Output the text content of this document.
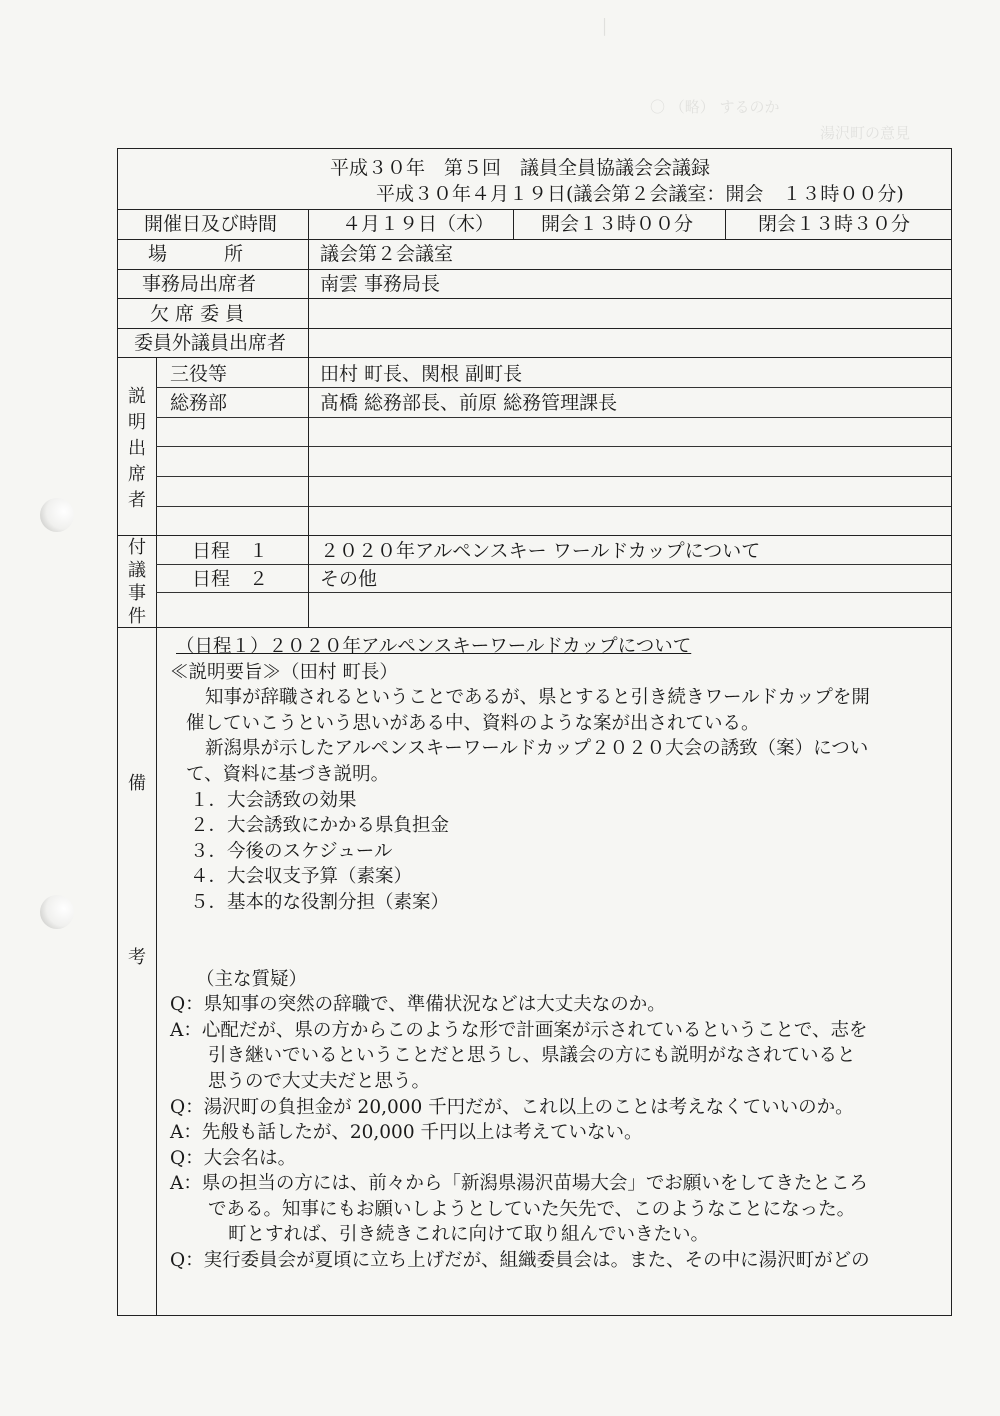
〇 （略） するのか
湯沢町の意見
│
平成３０年　第５回　議員全員協議会会議録
平成３０年４月１９日(議会第２会議室：開会　１３時００分)
開催日及び時間	４月１９日（木） 開会１３時００分	閉会１３時３０分
場　　　所	議会第２会議室
事務局出席者	南雲 事務局長
欠 席 委 員
委員外議員出席者
説
明
出
席
者
三役等	田村 町長、関根 副町長
総務部	髙橋 総務部長、前原 総務管理課長
付
議
事
件
日程　１	２０２０年アルペンスキー ワールドカップについて
日程　２	その他
備
考
（日程１）２０２０年アルペンスキーワールドカップについて
≪説明要旨≫（田村 町長）
知事が辞職されるということであるが、県とすると引き続きワールドカップを開
催していこうという思いがある中、資料のような案が出されている。
新潟県が示したアルペンスキーワールドカップ２０２０大会の誘致（案）につい
て、資料に基づき説明。
１．大会誘致の効果
２．大会誘致にかかる県負担金
３．今後のスケジュール
４．大会収支予算（素案）
５．基本的な役割分担（素案）
（主な質疑）
Q：県知事の突然の辞職で、準備状況などは大丈夫なのか。
A：心配だが、県の方からこのような形で計画案が示されているということで、志を
引き継いでいるということだと思うし、県議会の方にも説明がなされていると
思うので大丈夫だと思う。
Q：湯沢町の負担金が 20,000 千円だが、これ以上のことは考えなくていいのか。
A：先般も話したが、20,000 千円以上は考えていない。
Q：大会名は。
A：県の担当の方には、前々から「新潟県湯沢苗場大会」でお願いをしてきたところ
である。知事にもお願いしようとしていた矢先で、このようなことになった。
町とすれば、引き続きこれに向けて取り組んでいきたい。
Q：実行委員会が夏頃に立ち上げだが、組織委員会は。また、その中に湯沢町がどの
